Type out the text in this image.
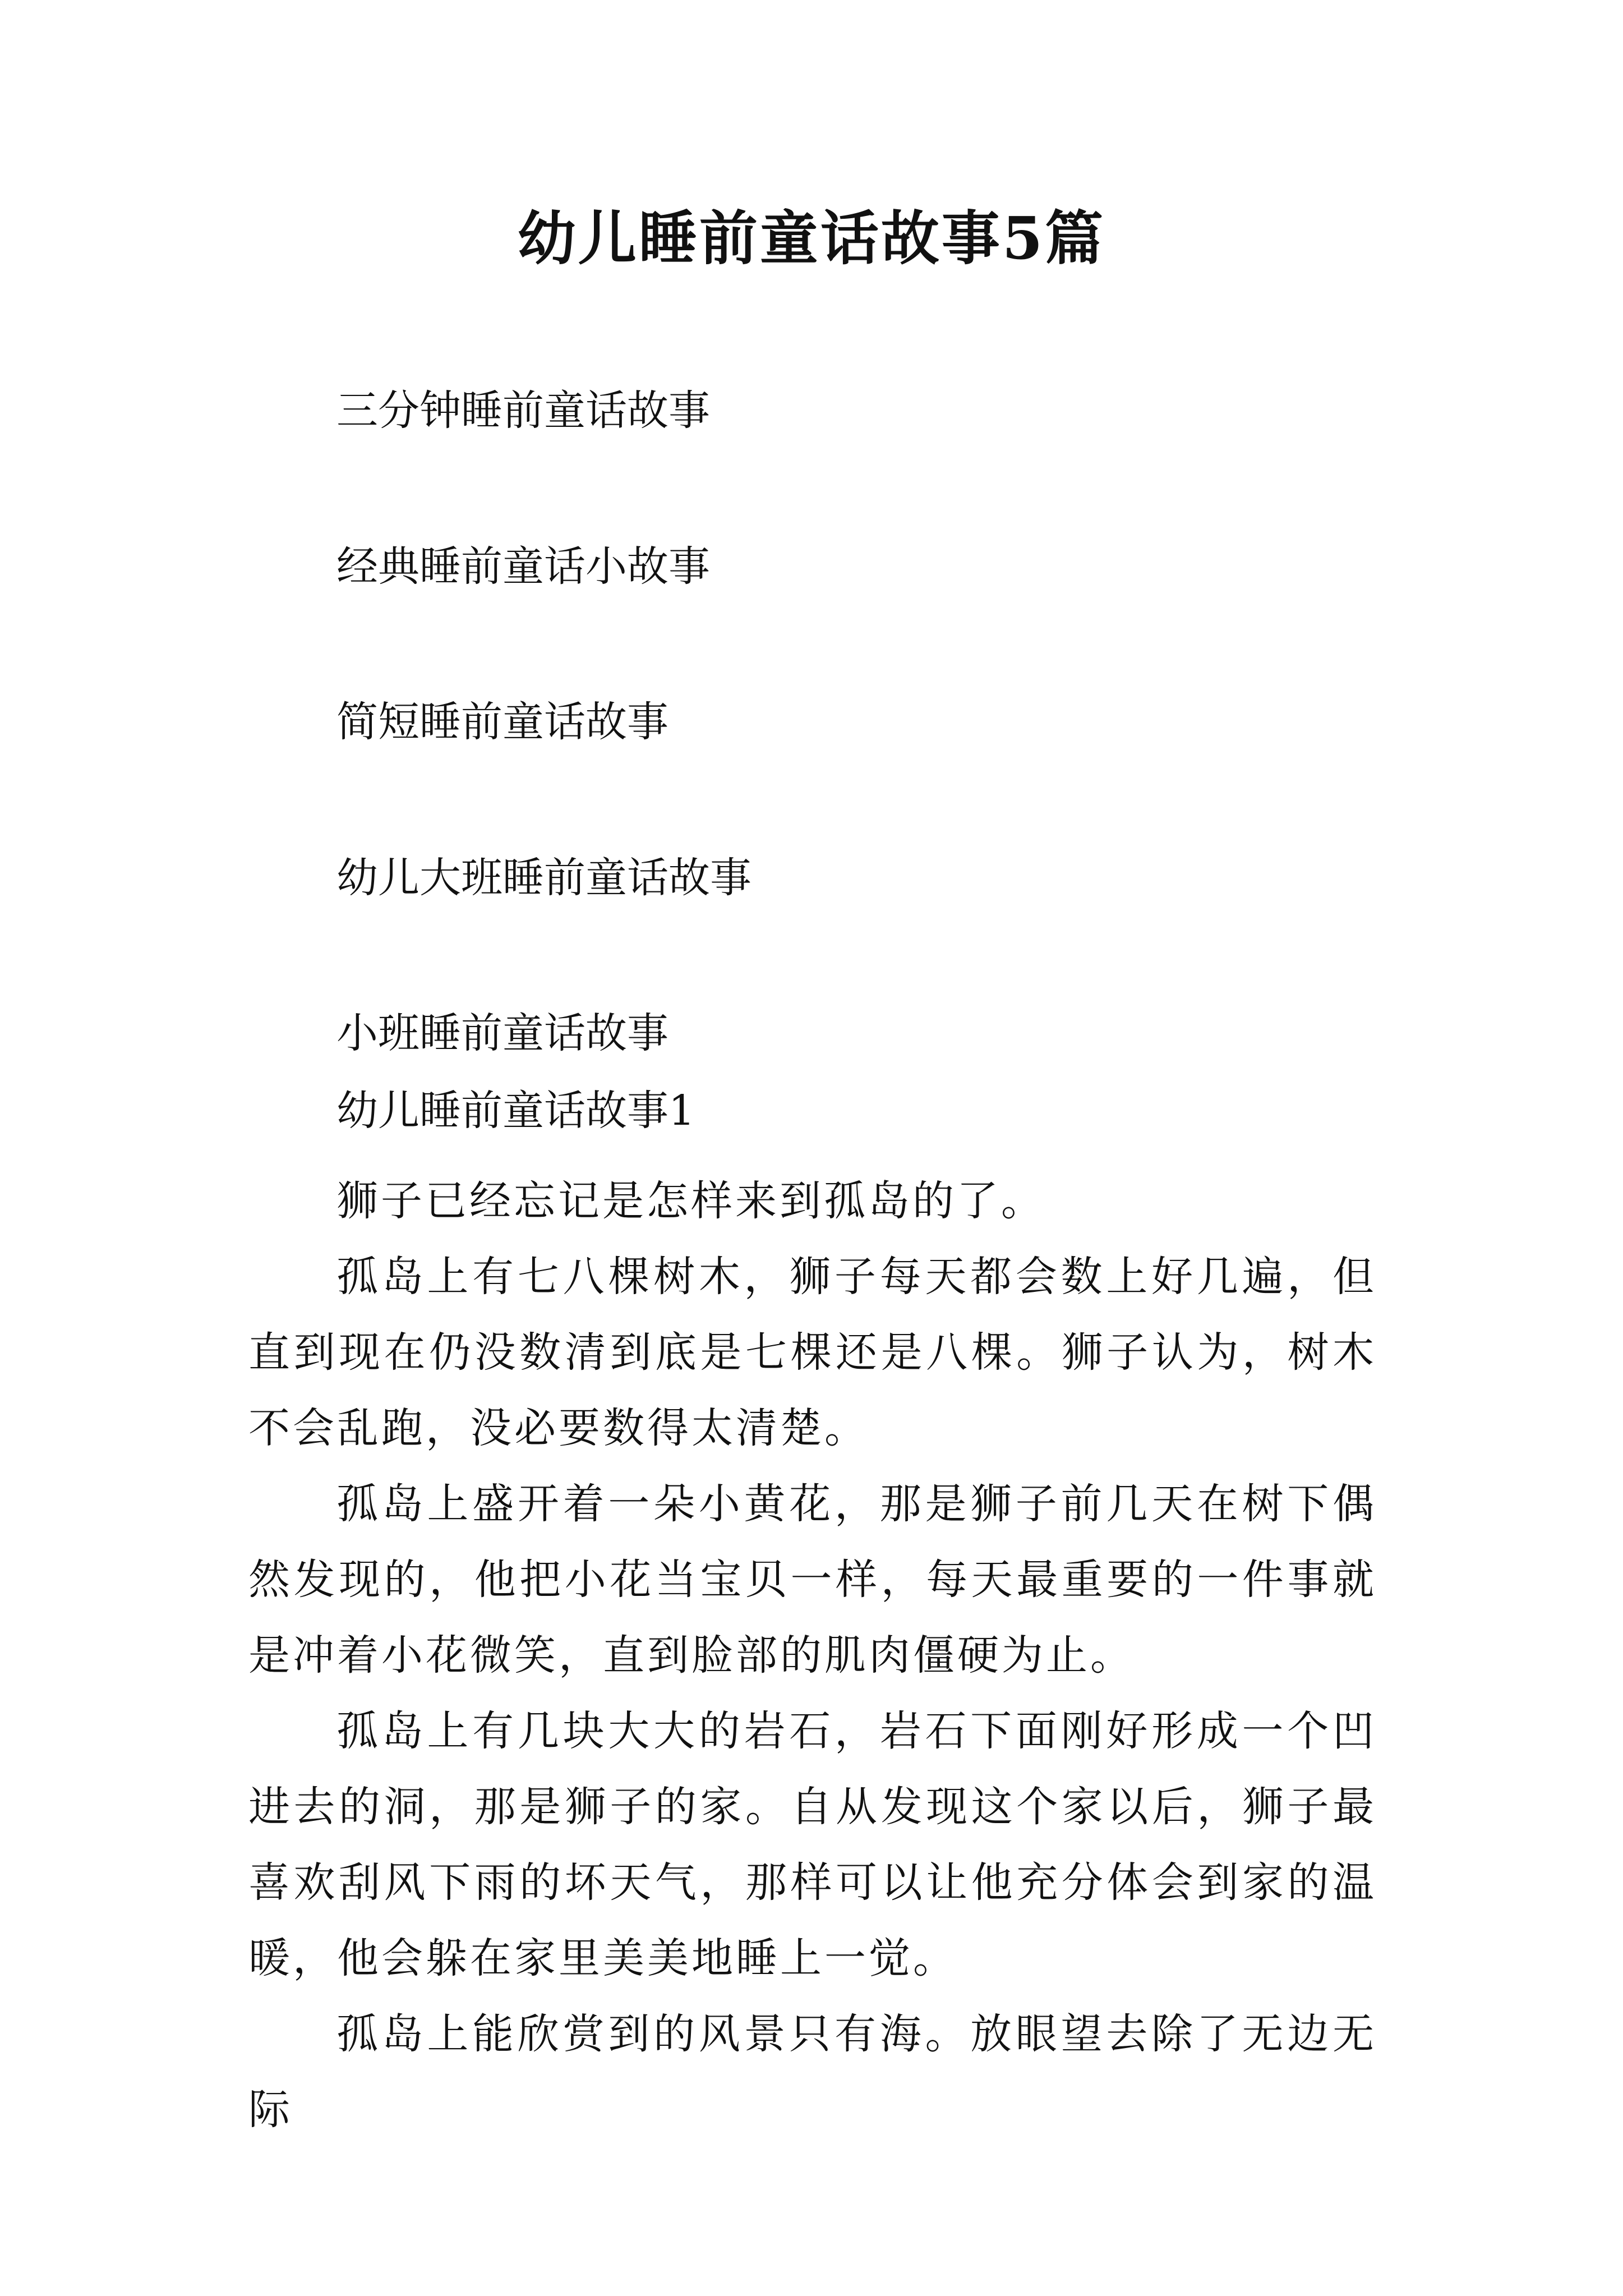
幼儿睡前童话故事5篇

三分钟睡前童话故事

经典睡前童话小故事

简短睡前童话故事

幼儿大班睡前童话故事

小班睡前童话故事

幼儿睡前童话故事1

狮子已经忘记是怎样来到孤岛的了。

孤岛上有七八棵树木，狮子每天都会数上好几遍，但直到现在仍没数清到底是七棵还是八棵。狮子认为，树木不会乱跑，没必要数得太清楚。

孤岛上盛开着一朵小黄花，那是狮子前几天在树下偶然发现的，他把小花当宝贝一样，每天最重要的一件事就是冲着小花微笑，直到脸部的肌肉僵硬为止。

孤岛上有几块大大的岩石，岩石下面刚好形成一个凹进去的洞，那是狮子的家。自从发现这个家以后，狮子最喜欢刮风下雨的坏天气，那样可以让他充分体会到家的温暖，他会躲在家里美美地睡上一觉。

孤岛上能欣赏到的风景只有海。放眼望去除了无边无际
